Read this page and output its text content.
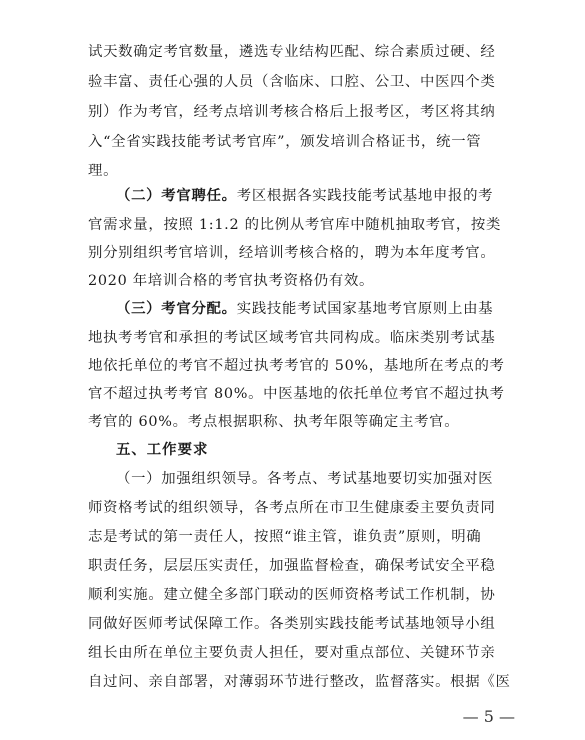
试天数确定考官数量，遴选专业结构匹配、综合素质过硬、经
验丰富、责任心强的人员（含临床、口腔、公卫、中医四个类
别）作为考官，经考点培训考核合格后上报考区，考区将其纳
入“全省实践技能考试考官库”，颁发培训合格证书，统一管
理。
（二）考官聘任。考区根据各实践技能考试基地申报的考
官需求量，按照 1:1.2 的比例从考官库中随机抽取考官，按类
别分别组织考官培训，经培训考核合格的，聘为本年度考官。
2020 年培训合格的考官执考资格仍有效。
（三）考官分配。实践技能考试国家基地考官原则上由基
地执考考官和承担的考试区域考官共同构成。临床类别考试基
地依托单位的考官不超过执考考官的 50%，基地所在考点的考
官不超过执考考官 80%。中医基地的依托单位考官不超过执考
考官的 60%。考点根据职称、执考年限等确定主考官。
五、工作要求
（一）加强组织领导。各考点、考试基地要切实加强对医
师资格考试的组织领导，各考点所在市卫生健康委主要负责同
志是考试的第一责任人，按照“谁主管，谁负责”原则，明确
职责任务，层层压实责任，加强监督检查，确保考试安全平稳
顺利实施。建立健全多部门联动的医师资格考试工作机制，协
同做好医师考试保障工作。各类别实践技能考试基地领导小组
组长由所在单位主要负责人担任，要对重点部位、关键环节亲
自过问、亲自部署，对薄弱环节进行整改，监督落实。根据《医
— 5 —
